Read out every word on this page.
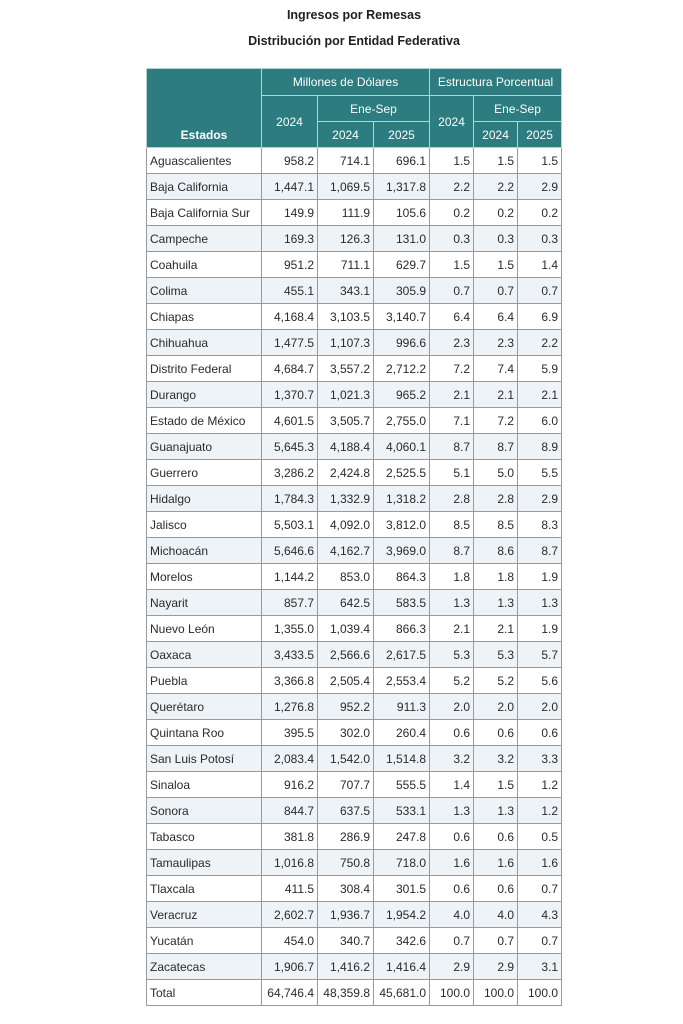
Ingresos por Remesas
Distribución por Entidad Federativa
Estados	Millones de Dólares			Estructura Porcentual		
	2024	Ene-Sep		2024	Ene-Sep	
		2024	2025		2024	2025
Aguascalientes	958.2	714.1	696.1	1.5	1.5	1.5
Baja California	1,447.1	1,069.5	1,317.8	2.2	2.2	2.9
Baja California Sur	149.9	111.9	105.6	0.2	0.2	0.2
Campeche	169.3	126.3	131.0	0.3	0.3	0.3
Coahuila	951.2	711.1	629.7	1.5	1.5	1.4
Colima	455.1	343.1	305.9	0.7	0.7	0.7
Chiapas	4,168.4	3,103.5	3,140.7	6.4	6.4	6.9
Chihuahua	1,477.5	1,107.3	996.6	2.3	2.3	2.2
Distrito Federal	4,684.7	3,557.2	2,712.2	7.2	7.4	5.9
Durango	1,370.7	1,021.3	965.2	2.1	2.1	2.1
Estado de México	4,601.5	3,505.7	2,755.0	7.1	7.2	6.0
Guanajuato	5,645.3	4,188.4	4,060.1	8.7	8.7	8.9
Guerrero	3,286.2	2,424.8	2,525.5	5.1	5.0	5.5
Hidalgo	1,784.3	1,332.9	1,318.2	2.8	2.8	2.9
Jalisco	5,503.1	4,092.0	3,812.0	8.5	8.5	8.3
Michoacán	5,646.6	4,162.7	3,969.0	8.7	8.6	8.7
Morelos	1,144.2	853.0	864.3	1.8	1.8	1.9
Nayarit	857.7	642.5	583.5	1.3	1.3	1.3
Nuevo León	1,355.0	1,039.4	866.3	2.1	2.1	1.9
Oaxaca	3,433.5	2,566.6	2,617.5	5.3	5.3	5.7
Puebla	3,366.8	2,505.4	2,553.4	5.2	5.2	5.6
Querétaro	1,276.8	952.2	911.3	2.0	2.0	2.0
Quintana Roo	395.5	302.0	260.4	0.6	0.6	0.6
San Luis Potosí	2,083.4	1,542.0	1,514.8	3.2	3.2	3.3
Sinaloa	916.2	707.7	555.5	1.4	1.5	1.2
Sonora	844.7	637.5	533.1	1.3	1.3	1.2
Tabasco	381.8	286.9	247.8	0.6	0.6	0.5
Tamaulipas	1,016.8	750.8	718.0	1.6	1.6	1.6
Tlaxcala	411.5	308.4	301.5	0.6	0.6	0.7
Veracruz	2,602.7	1,936.7	1,954.2	4.0	4.0	4.3
Yucatán	454.0	340.7	342.6	0.7	0.7	0.7
Zacatecas	1,906.7	1,416.2	1,416.4	2.9	2.9	3.1
Total	64,746.4	48,359.8	45,681.0	100.0	100.0	100.0
